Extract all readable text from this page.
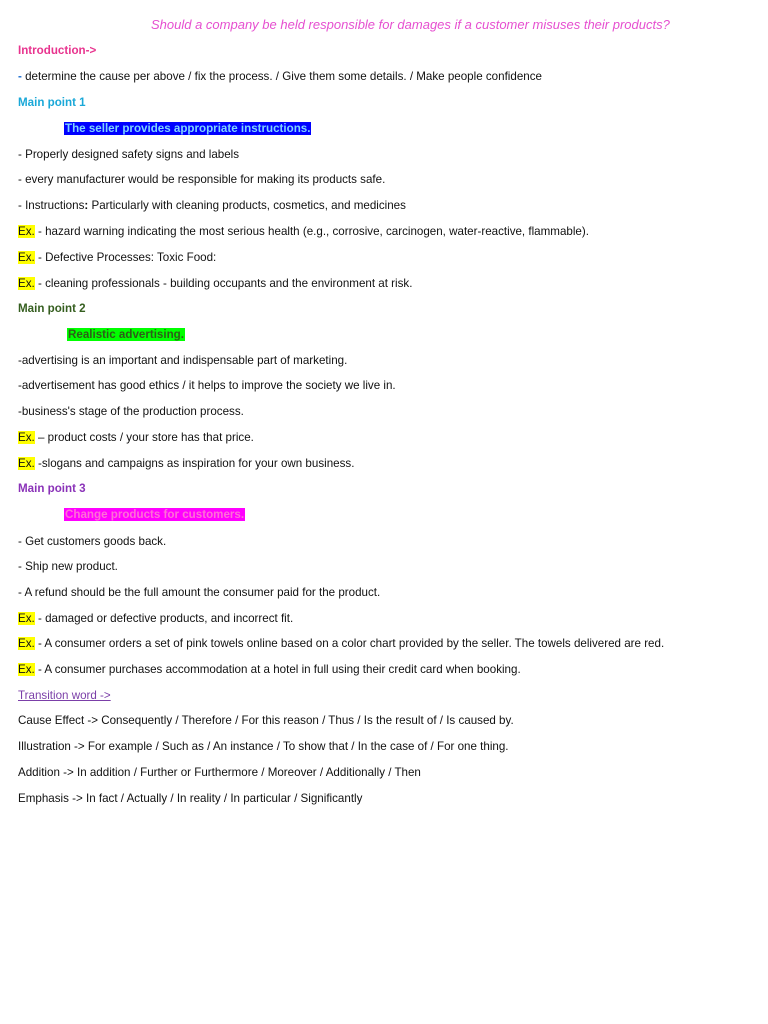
Should a company be held responsible for damages if a customer misuses their products?
Introduction->
- determine the cause per above / fix the process. / Give them some details. / Make people confidence
Main point 1
The seller provides appropriate instructions.
- Properly designed safety signs and labels
- every manufacturer would be responsible for making its products safe.
- Instructions: Particularly with cleaning products, cosmetics, and medicines
Ex. - hazard warning indicating the most serious health (e.g., corrosive, carcinogen, water-reactive, flammable).
Ex. - Defective Processes: Toxic Food:
Ex. - cleaning professionals - building occupants and the environment at risk.
Main point 2
Realistic advertising.
-advertising is an important and indispensable part of marketing.
-advertisement has good ethics / it helps to improve the society we live in.
-business's stage of the production process.
Ex. – product costs / your store has that price.
Ex. -slogans and campaigns as inspiration for your own business.
Main point 3
Change products for customers.
- Get customers goods back.
- Ship new product.
- A refund should be the full amount the consumer paid for the product.
Ex. - damaged or defective products, and incorrect fit.
Ex. - A consumer orders a set of pink towels online based on a color chart provided by the seller. The towels delivered are red.
Ex. - A consumer purchases accommodation at a hotel in full using their credit card when booking.
Transition word ->
Cause Effect -> Consequently / Therefore / For this reason / Thus / Is the result of / Is caused by.
Illustration -> For example / Such as / An instance / To show that / In the case of / For one thing.
Addition -> In addition / Further or Furthermore / Moreover / Additionally / Then
Emphasis -> In fact / Actually / In reality / In particular / Significantly
